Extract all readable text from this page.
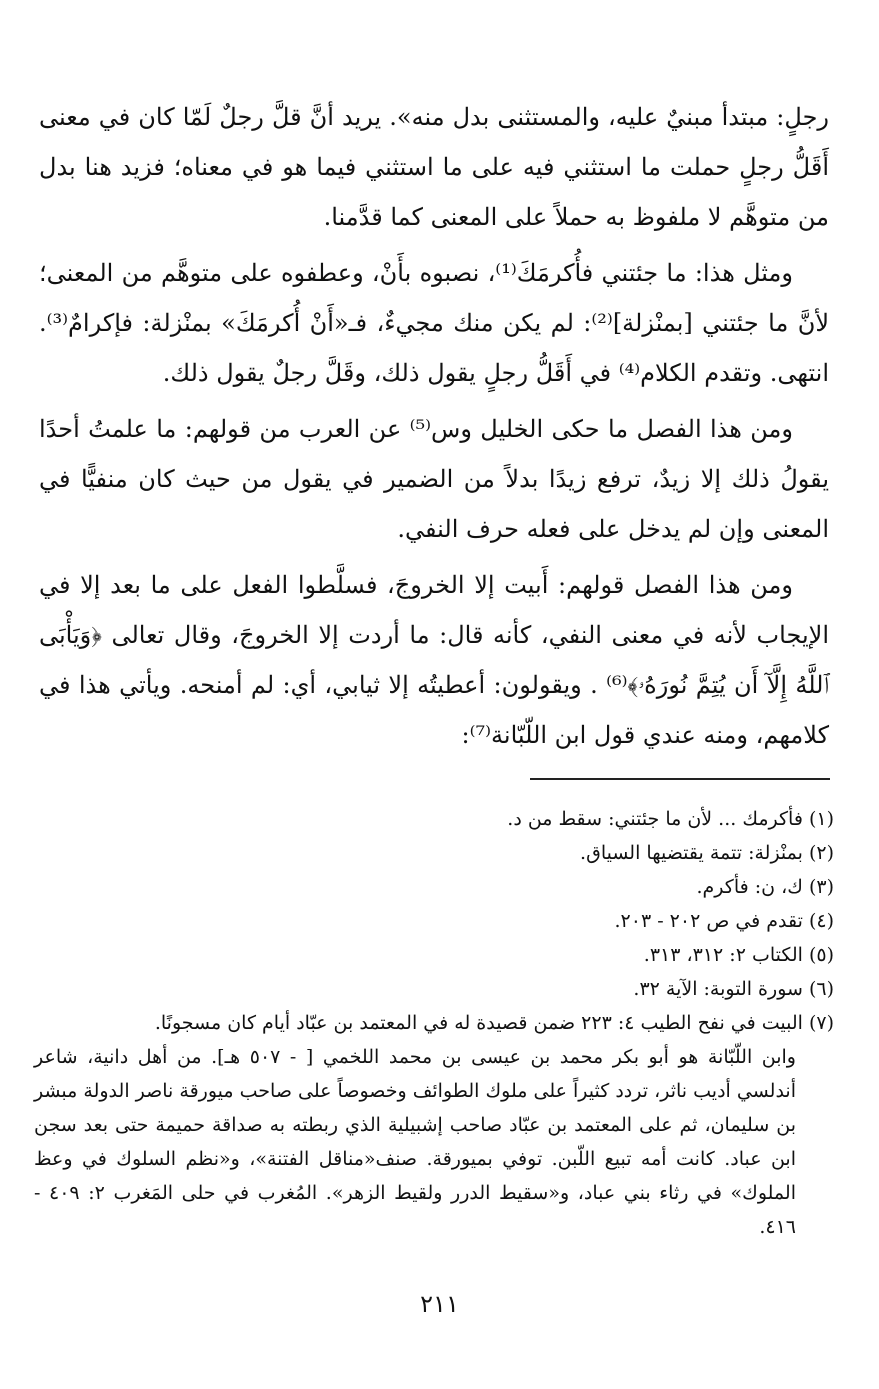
رجلٍ: مبتدأ مبنيٌ عليه، والمستثنى بدل منه». يريد أنَّ قلَّ رجلٌ لَمّا كان في معنى أَقَلُّ رجلٍ حملت ما استثني فيه على ما استثني فيما هو في معناه؛ فزيد هنا بدل من متوهَّم لا ملفوظ به حملاً على المعنى كما قدَّمنا.

ومثل هذا: ما جئتني فأُكرمَكَ⁽¹⁾، نصبوه بأَنْ، وعطفوه على متوهَّم من المعنى؛ لأنَّ ما جئتني [بمنْزلة]⁽²⁾: لم يكن منك مجيءٌ، فـ«أَنْ أُكرمَكَ» بمنْزلة: فإكرامٌ⁽³⁾. انتهى. وتقدم الكلام⁽⁴⁾ في أَقَلُّ رجلٍ يقول ذلك، وقَلَّ رجلٌ يقول ذلك.

ومن هذا الفصل ما حكى الخليل وس⁽⁵⁾ عن العرب من قولهم: ما علمتُ أحدًا يقولُ ذلك إلا زيدٌ، ترفع زيدًا بدلاً من الضمير في يقول من حيث كان منفيًّا في المعنى وإن لم يدخل على فعله حرف النفي.

ومن هذا الفصل قولهم: أَبيت إلا الخروجَ، فسلَّطوا الفعل على ما بعد إلا في الإيجاب لأنه في معنى النفي، كأنه قال: ما أردت إلا الخروجَ، وقال تعالى ﴿وَيَأْبَى ٱللَّهُ إِلَّآ أَن يُتِمَّ نُورَهُۥ﴾⁽⁶⁾ . ويقولون: أعطيتُه إلا ثيابي، أي: لم أمنحه. ويأتي هذا في كلامهم، ومنه عندي قول ابن اللّبّانة⁽⁷⁾:

(١)
فأكرمك ... لأن ما جئتني: سقط من د.
(٢)
بمنْزلة: تتمة يقتضيها السياق.
(٣)
ك، ن: فأكرم.
(٤)
تقدم في ص ٢٠٢ - ٢٠٣.
(٥)
الكتاب ٢: ٣١٢، ٣١٣.
(٦)
سورة التوبة: الآية ٣٢.
(٧)
البيت في نفح الطيب ٤: ٢٢٣ ضمن قصيدة له في المعتمد بن عبّاد أيام كان مسجونًا.

وابن اللّبّانة هو أبو بكر محمد بن عيسى بن محمد اللخمي [ - ٥٠٧ هـ]. من أهل دانية، شاعر أندلسي أديب ناثر، تردد كثيراً على ملوك الطوائف وخصوصاً على صاحب ميورقة ناصر الدولة مبشر بن سليمان، ثم على المعتمد بن عبّاد صاحب إشبيلية الذي ربطته به صداقة حميمة حتى بعد سجن ابن عباد. كانت أمه تبيع اللّبن. توفي بميورقة. صنف«مناقل الفتنة»، و«نظم السلوك في وعظ الملوك» في رثاء بني عباد، و«سقيط الدرر ولقيط الزهر». المُغرب في حلى المَغرب ٢: ٤٠٩ - ٤١٦.

٢١١
